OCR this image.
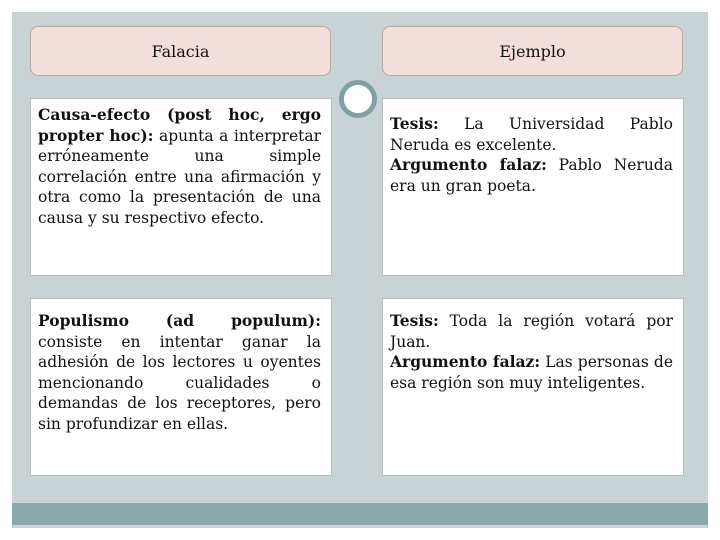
Falacia	Ejemplo
Causa-efecto (post hoc, ergo propter hoc): apunta a interpretar erróneamente una simple correlación entre una afirmación y otra como la presentación de una causa y su respectivo efecto.
Tesis: La Universidad Pablo Neruda es excelente.
Argumento falaz: Pablo Neruda era un gran poeta.
Populismo (ad populum): consiste en intentar ganar la adhesión de los lectores u oyentes mencionando cualidades o demandas de los receptores, pero sin profundizar en ellas.
Tesis: Toda la región votará por Juan.
Argumento falaz: Las personas de esa región son muy inteligentes.
